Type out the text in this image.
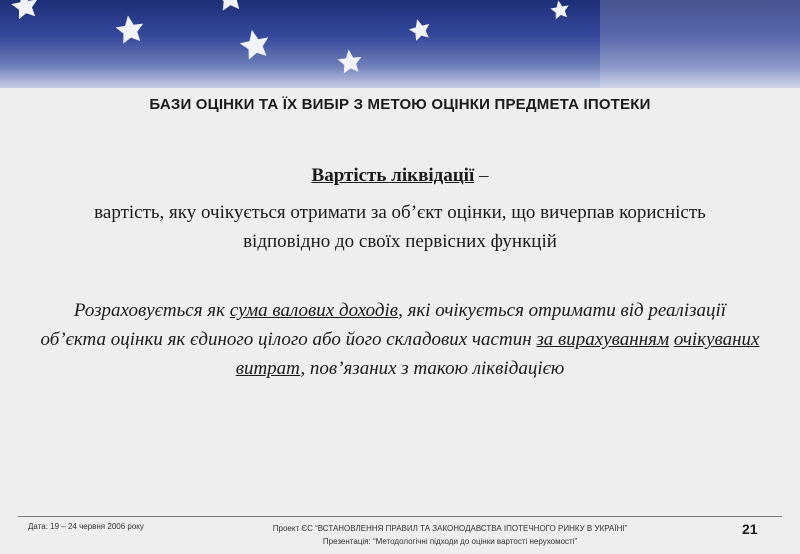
БАЗИ ОЦІНКИ ТА ЇХ ВИБІР З МЕТОЮ ОЦІНКИ ПРЕДМЕТА ІПОТЕКИ
Вартість ліквідації –
вартість, яку очікується отримати за об’єкт оцінки, що вичерпав корисність відповідно до своїх первісних функцій
Розраховується як сума валових доходів, які очікується отримати від реалізації об’єкта оцінки як єдиного цілого або його складових частин за вирахуванням очікуваних витрат, пов’язаних з такою ліквідацією
Дата: 19 – 24 червня 2006 року	Проект ЄС “ВСТАНОВЛЕННЯ ПРАВИЛ ТА ЗАКОНОДАВСТВА ІПОТЕЧНОГО РИНКУ В УКРАЇНІ”
Презентація: “Методологічні підходи до оцінки вартості нерухомості”
21
